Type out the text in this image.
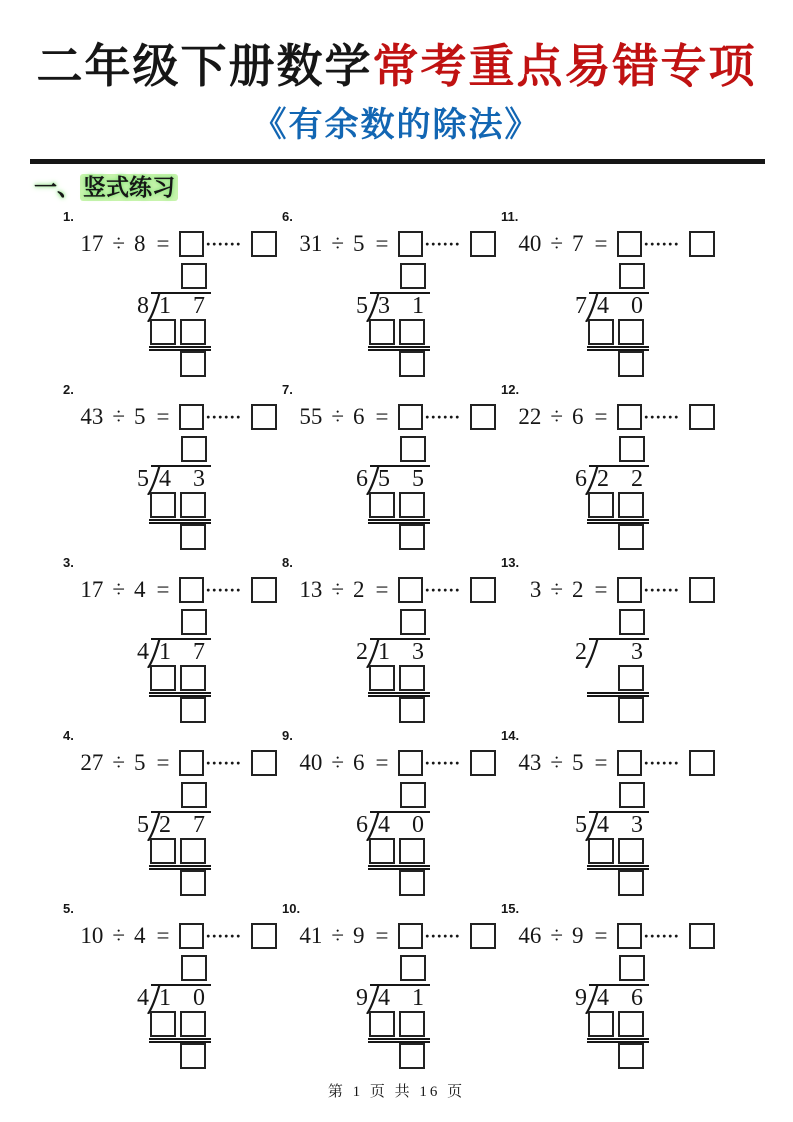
二年级下册数学常考重点易错专项
《有余数的除法》
一、 竖式练习
1.
17 ÷ 8 = ······
8 1 7
2.
43 ÷ 5 = ······
5 4 3
3.
17 ÷ 4 = ······
4 1 7
4.
27 ÷ 5 = ······
5 2 7
5.
10 ÷ 4 = ······
4 1 0
6.
31 ÷ 5 = ······
5 3 1
7.
55 ÷ 6 = ······
6 5 5
8.
13 ÷ 2 = ······
2 1 3
9.
40 ÷ 6 = ······
6 4 0
10.
41 ÷ 9 = ······
9 4 1
11.
40 ÷ 7 = ······
7 4 0
12.
22 ÷ 6 = ······
6 2 2
13.
3 ÷ 2 = ······
2 3
14.
43 ÷ 5 = ······
5 4 3
15.
46 ÷ 9 = ······
9 4 6
第 1 页 共 16 页
